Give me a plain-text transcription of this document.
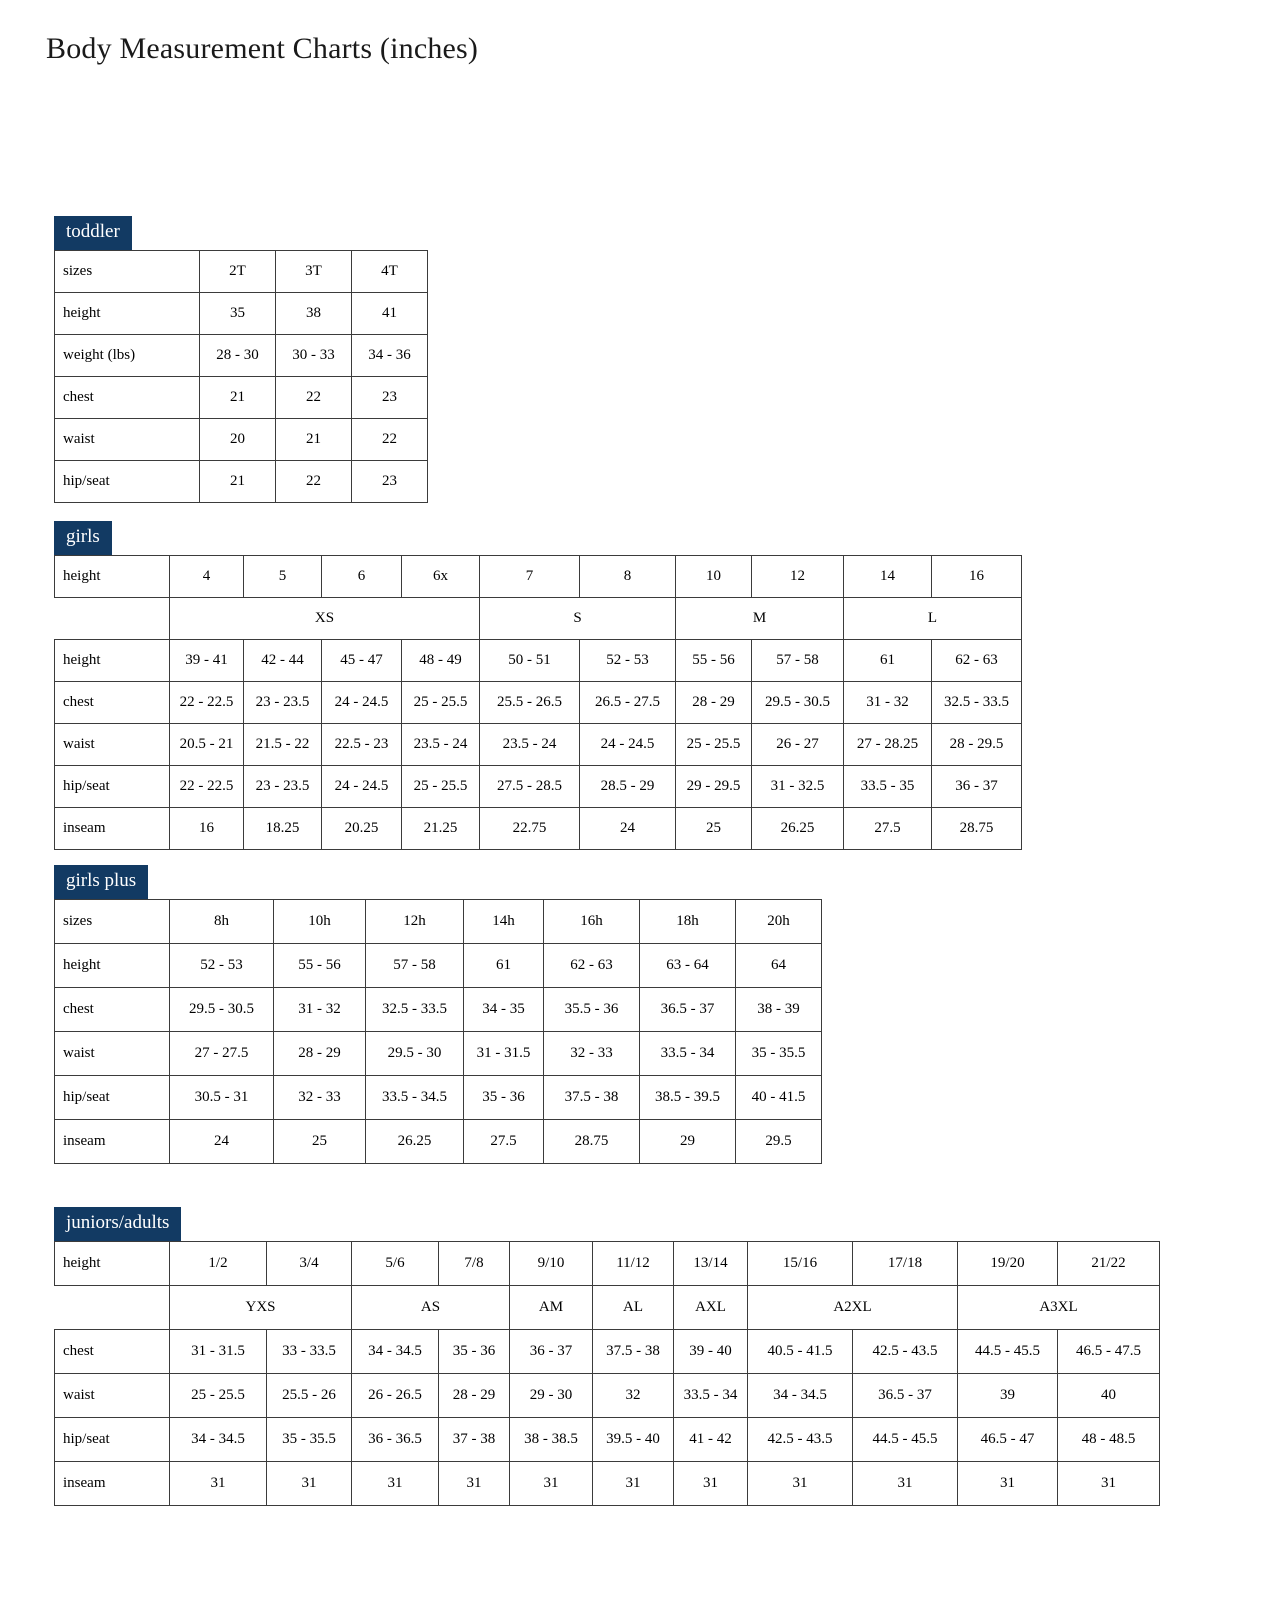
Body Measurement Charts (inches)
toddler
sizes	2T	3T	4T
height	35	38	41
weight (lbs)	28 - 30	30 - 33	34 - 36
chest	21	22	23
waist	20	21	22
hip/seat	21	22	23
girls
height	4	5	6	6x	7	8	10	12	14	16
	XS				S		M		L	
height	39 - 41	42 - 44	45 - 47	48 - 49	50 - 51	52 - 53	55 - 56	57 - 58	61	62 - 63
chest	22 - 22.5	23 - 23.5	24 - 24.5	25 - 25.5	25.5 - 26.5	26.5 - 27.5	28 - 29	29.5 - 30.5	31 - 32	32.5 - 33.5
waist	20.5 - 21	21.5 - 22	22.5 - 23	23.5 - 24	23.5 - 24	24 - 24.5	25 - 25.5	26 - 27	27 - 28.25	28 - 29.5
hip/seat	22 - 22.5	23 - 23.5	24 - 24.5	25 - 25.5	27.5 - 28.5	28.5 - 29	29 - 29.5	31 - 32.5	33.5 - 35	36 - 37
inseam	16	18.25	20.25	21.25	22.75	24	25	26.25	27.5	28.75
girls plus
sizes	8h	10h	12h	14h	16h	18h	20h
height	52 - 53	55 - 56	57 - 58	61	62 - 63	63 - 64	64
chest	29.5 - 30.5	31 - 32	32.5 - 33.5	34 - 35	35.5 - 36	36.5 - 37	38 - 39
waist	27 - 27.5	28 - 29	29.5 - 30	31 - 31.5	32 - 33	33.5 - 34	35 - 35.5
hip/seat	30.5 - 31	32 - 33	33.5 - 34.5	35 - 36	37.5 - 38	38.5 - 39.5	40 - 41.5
inseam	24	25	26.25	27.5	28.75	29	29.5
juniors/adults
height	1/2	3/4	5/6	7/8	9/10	11/12	13/14	15/16	17/18	19/20	21/22
	YXS		AS		AM	AL	AXL	A2XL		A3XL	
chest	31 - 31.5	33 - 33.5	34 - 34.5	35 - 36	36 - 37	37.5 - 38	39 - 40	40.5 - 41.5	42.5 - 43.5	44.5 - 45.5	46.5 - 47.5
waist	25 - 25.5	25.5 - 26	26 - 26.5	28 - 29	29 - 30	32	33.5 - 34	34 - 34.5	36.5 - 37	39	40
hip/seat	34 - 34.5	35 - 35.5	36 - 36.5	37 - 38	38 - 38.5	39.5 - 40	41 - 42	42.5 - 43.5	44.5 - 45.5	46.5 - 47	48 - 48.5
inseam	31	31	31	31	31	31	31	31	31	31	31
